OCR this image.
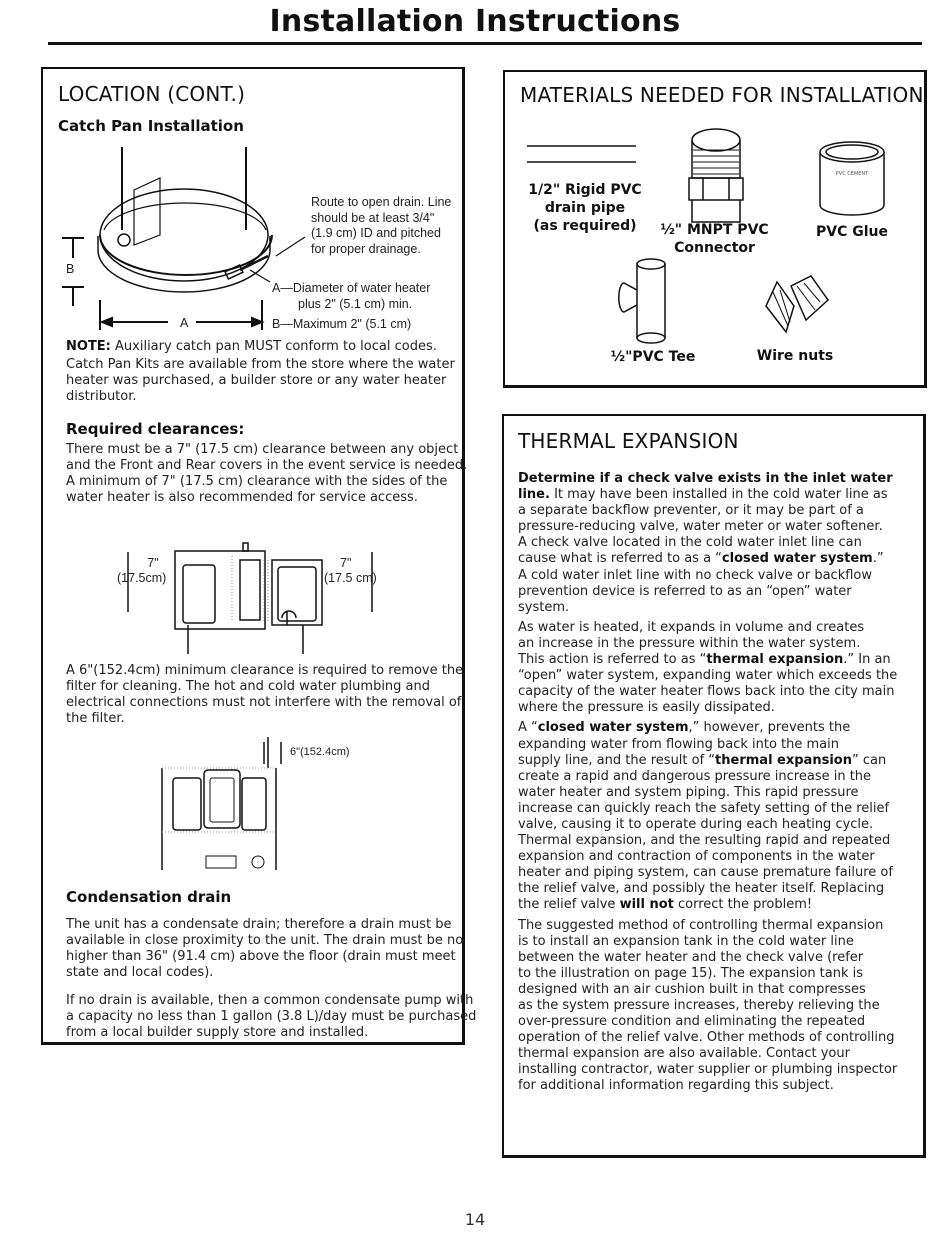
Installation Instructions
LOCATION (CONT.)
Catch Pan Installation
B
A
Route to open drain. Line
should be at least 3/4"
(1.9 cm) ID and pitched
for proper drainage.
A—Diameter of water heater
plus 2" (5.1 cm) min.
B—Maximum 2" (5.1 cm)
NOTE: Auxiliary catch pan MUST conform to local codes.
Catch Pan Kits are available from the store where the water
heater was purchased, a builder store or any water heater
distributor.
Required clearances:
There must be a 7" (17.5 cm) clearance between any object
and the Front and Rear covers in the event service is needed.
A minimum of 7" (17.5 cm) clearance with the sides of the
water heater is also recommended for service access.
7"
(17.5cm)
7"
(17.5 cm)
A 6"(152.4cm) minimum clearance is required to remove the
filter for cleaning. The hot and cold water plumbing and
electrical connections must not interfere with the removal of
the filter.
6"(152.4cm)
Condensation drain
The unit has a condensate drain; therefore a drain must be
available in close proximity to the unit. The drain must be no
higher than 36" (91.4 cm) above the floor (drain must meet
state and local codes).
If no drain is available, then a common condensate pump with
a capacity no less than 1 gallon (3.8 L)/day must be purchased
from a local builder supply store and installed.
MATERIALS NEEDED FOR INSTALLATION
PVC CEMENT
1/2" Rigid PVC
drain pipe
(as required)	½" MNPT PVC
Connector
PVC Glue
½"PVC Tee	Wire nuts
THERMAL EXPANSION
Determine if a check valve exists in the inlet water
line. It may have been installed in the cold water line as
a separate backflow preventer, or it may be part of a
pressure-reducing valve, water meter or water softener.
A check valve located in the cold water inlet line can
cause what is referred to as a “closed water system.”
A cold water inlet line with no check valve or backflow
prevention device is referred to as an “open” water
system.
As water is heated, it expands in volume and creates
an increase in the pressure within the water system.
This action is referred to as “thermal expansion.” In an
“open” water system, expanding water which exceeds the
capacity of the water heater flows back into the city main
where the pressure is easily dissipated.
A “closed water system,” however, prevents the
expanding water from flowing back into the main
supply line, and the result of “thermal expansion” can
create a rapid and dangerous pressure increase in the
water heater and system piping. This rapid pressure
increase can quickly reach the safety setting of the relief
valve, causing it to operate during each heating cycle.
Thermal expansion, and the resulting rapid and repeated
expansion and contraction of components in the water
heater and piping system, can cause premature failure of
the relief valve, and possibly the heater itself. Replacing
the relief valve will not correct the problem!
The suggested method of controlling thermal expansion
is to install an expansion tank in the cold water line
between the water heater and the check valve (refer
to the illustration on page 15). The expansion tank is
designed with an air cushion built in that compresses
as the system pressure increases, thereby relieving the
over-pressure condition and eliminating the repeated
operation of the relief valve. Other methods of controlling
thermal expansion are also available. Contact your
installing contractor, water supplier or plumbing inspector
for additional information regarding this subject.
14
